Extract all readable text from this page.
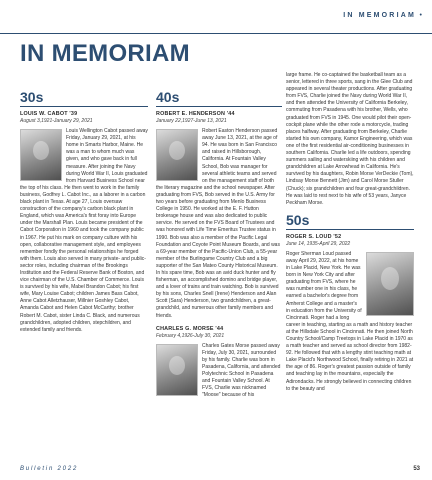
IN MEMORIAM •
IN MEMORIAM
30s
LOUIS W. CABOT '39
August 3,1921-January 29, 2021

Louis Wellington Cabot passed away Friday, January 29, 2021, at his home in Smarts Harbor, Maine. He was a man to whom much was given, and who gave back in full measure. After joining the Navy during World War II, Louis graduated from Harvard Business School near the top of his class. He then went to work in the family business, Godfrey L. Cabot Inc., as a laborer in a carbon black plant in Texas. At age 27, Louis oversaw construction of the company's carbon black plant in England, which was America's first foray into Europe under the Marshall Plan. Louis became president of the Cabot Corporation in 1960 and took the company public in 1967. He put his mark on company culture with his open, collaborative management style, and employees remember fondly the personal relationships he forged with them. Louis also served in many private- and public-sector roles, including chairman of the Brookings Institution and the Federal Reserve Bank of Boston, and vice chairman of the U.S. Chamber of Commerce. Louis is survived by his wife, Mabel Brandon Cabot; his first wife, Mary Louise Cabot; children James Bass Cabot, Anne Cabot Alletzhauser, Millnier Goshley Cabot, Amanda Cabot and Helen Cabot McCarthy; brother Robert M. Cabot, sister Linda C. Black, and numerous grandchildren, adopted children, stepchildren, and extended family and friends.

40s
ROBERT E. HENDERSON '44
January 22,1927-June 13, 2021

Robert Easton Henderson passed away June 13, 2021, at the age of 94. He was born in San Francisco and raised in Hillsborough, California. At Fountain Valley School, Bob was manager for several athletic teams and served on the management staff of both the literary magazine and the school newspaper. After graduating from FVS, Bob served in the U.S. Army for two years before graduating from Menlo Business College in 1950. He worked at the E. F. Hutton brokerage house and was also dedicated to public service. He served on the FVS Board of Trustees and was honored with Life Time Emeritus Trustee status in 1990. Bob was also a member of the Pacific Legal Foundation and Coyote Point Museum Boards, and was a 69-year member of the Pacific-Union Club, a 55-year member of the Burlingame Country Club and a big supporter of the San Mateo County Historical Museum. In his spare time, Bob was an avid duck hunter and fly fisherman, an accomplished domino and bridge player, and a lover of trains and train watching. Bob is survived by his sons, Charles Snell (Irene) Henderson and Alan Scott (Sara) Henderson, two grandchildren, a great-grandchild, and numerous other family members and friends.

CHARLES G. MORSE '44
February 4,1926-July 30, 2021

Charles Gates Morse passed away Friday, July 30, 2021, surrounded by his family. Charlie was born in Pasadena, California, and attended Polytechnic School in Pasadena and Fountain Valley School. At FVS, Charlie was nicknamed "Moose" because of his

large frame. He co-captained the basketball team as a senior, lettered in three sports, sang in the Glee Club and appeared in several theater productions. After graduating from FVS, Charlie joined the Navy during World War II, and then attended the University of California Berkeley, commuting from Pasadena with his brother, Wells, who graduated from FVS in 1945. One would pilot their open-cockpit plane while the other rode a motorcycle, trading places halfway. After graduating from Berkeley, Charlie started his own company, Kamor Engineering, which was one of the first residential air-conditioning businesses in southern California. Charlie led a life outdoors, spending summers sailing and waterskiing with his children and grandchildren at Lake Arrowhead in California. He's survived by his daughters, Robin Morse VerDeckie (Tom), Lindsay Morse Bennett (Jim) and Carol Morse Stuller (Chuck); six grandchildren and four great-grandchildren. He was laid to rest next to his wife of 53 years, Janyce Peckham Morse.

50s
ROGER S. LOUD '52
June 14, 1935-April 29, 2022

Roger Sherman Loud passed away April 29, 2022, at his home in Lake Placid, New York. He was born in New York City and after graduating from FVS, where he was number one in his class, he earned a bachelor's degree from Amherst College and a master's in education from the University of Cincinnati. Roger had a long career in teaching, starting as a math and history teacher at the Hillsdale School in Cincinnati. He then joined North Country School/Camp Treetops in Lake Placid in 1970 as a math teacher and served as school director from 1982-92. He followed that with a lengthy stint teaching math at Lake Placid's Northwood School, finally retiring in 2021 at the age of 86. Roger's greatest passion outside of family and teaching lay in the mountains, especially the Adirondacks. He strongly believed in connecting children to the beauty and

Bulletin 2022	53
